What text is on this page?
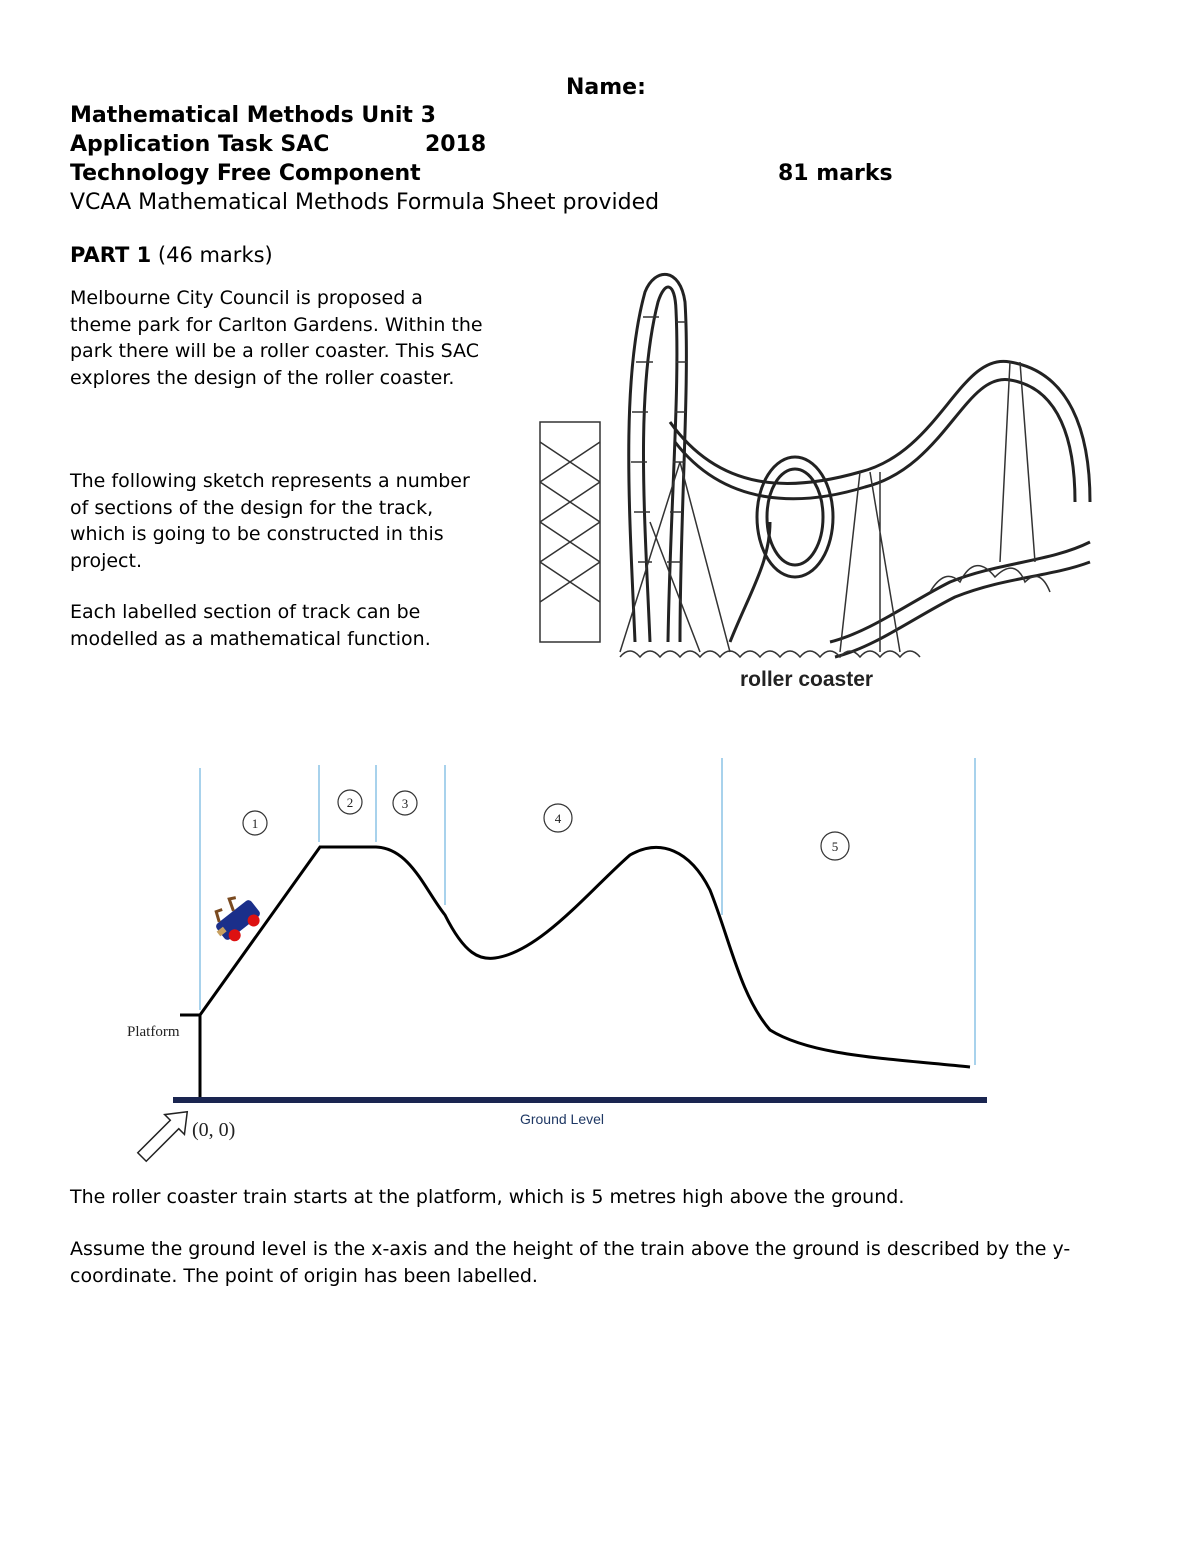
Name:
Mathematical Methods Unit 3
Application Task SAC	2018
Technology Free Component	81 marks
VCAA Mathematical Methods Formula Sheet provided
PART 1 (46 marks)
Melbourne City Council is proposed a theme park for Carlton Gardens. Within the park there will be a roller coaster. This SAC explores the design of the roller coaster.
The following sketch represents a number of sections of the design for the track, which is going to be constructed in this project.
Each labelled section of track can be modelled as a mathematical function.
roller coaster
1
2	3
4
5
Platform
Ground Level
(0, 0)
The roller coaster train starts at the platform, which is 5 metres high above the ground.
Assume the ground level is the x-axis and the height of the train above the ground is described by the y-coordinate. The point of origin has been labelled.
